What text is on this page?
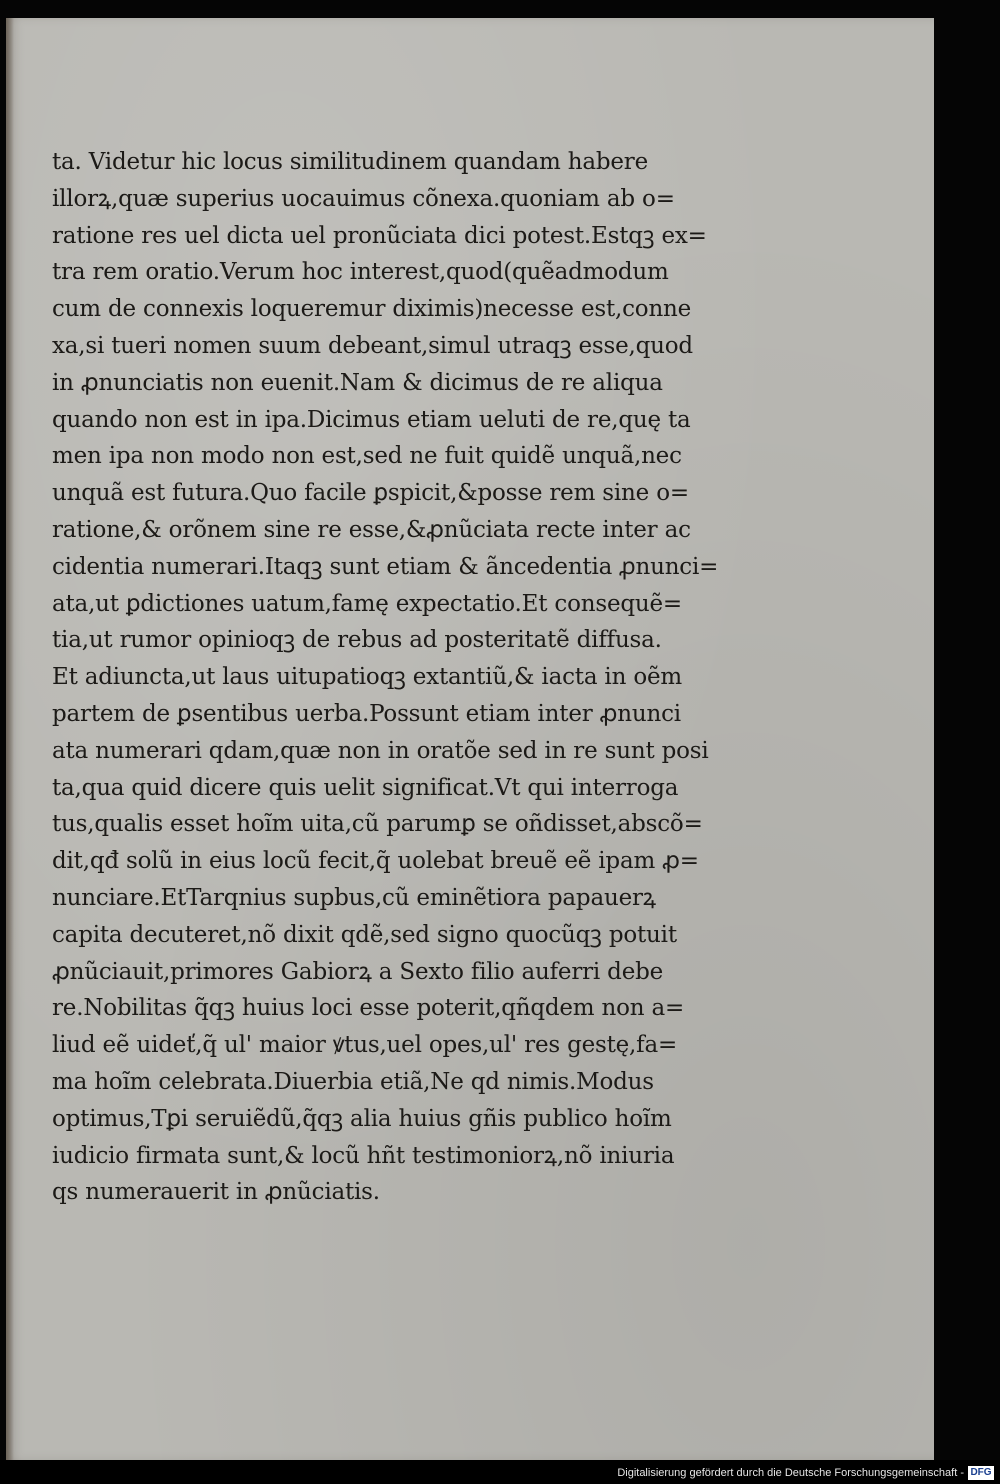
ta. Videtur hic locus similitudinem quandam habere
illorꝝ,quæ superius uocauimus cõnexa.quoniam ab o=
ratione res uel dicta uel pronũciata dici potest.Estqꝫ ex=
tra rem oratio.Verum hoc interest,quod(quẽadmodum
cum de connexis loqueremur diximis)necesse est,conne
xa,si tueri nomen suum debeant,simul utraqꝫ esse,quod
in ꝓnunciatis non euenit.Nam & dicimus de re aliqua
quando non est in ipa.Dicimus etiam ueluti de re,quę ta
men ipa non modo non est,sed ne fuit quidẽ unquã,nec
unquã est futura.Quo facile ꝑspicit,&posse rem sine o=
ratione,& orõnem sine re esse,&ꝓnũciata recte inter ac
cidentia numerari.Itaqꝫ sunt etiam & ãncedentia ꝓnunci=
ata,ut ꝑdictiones uatum,famę expectatio.Et consequẽ=
tia,ut rumor opinioqꝫ de rebus ad posteritatẽ diffusa.
Et adiuncta,ut laus uitupatioqꝫ extantiũ,& iacta in oẽm
partem de ꝑsentibus uerba.Possunt etiam inter ꝓnunci
ata numerari qdam,quæ non in oratõe sed in re sunt posi
ta,qua quid dicere quis uelit significat.Vt qui interroga
tus,qualis esset hoĩm uita,cũ parumꝑ se oñdisset,abscõ=
dit,qđ solũ in eius locũ fecit,q̃ uolebat breuẽ eẽ ipam ꝓ=
nunciare.EtTarqnius supbus,cũ eminẽtiora papauerꝝ
capita decuteret,nõ dixit qdẽ,sed signo quocũqꝫ potuit
ꝓnũciauit,primores Gabiorꝝ a Sexto filio auferri debe
re.Nobilitas q̃qꝫ huius loci esse poterit,qñqdem non a=
liud eẽ uideť,q̃ ul' maior ꝟtus,uel opes,ul' res gestę,fa=
ma hoĩm celebrata.Diuerbia etiã,Ne qd nimis.Modus
optimus,Tꝑi seruiẽdũ,q̃qꝫ alia huius gñis publico hoĩm
iudicio firmata sunt,& locũ hñt testimoniorꝝ,nõ iniuria
qs numerauerit in ꝓnũciatis.
Digitalisierung gefördert durch die Deutsche Forschungsgemeinschaft - DFG
